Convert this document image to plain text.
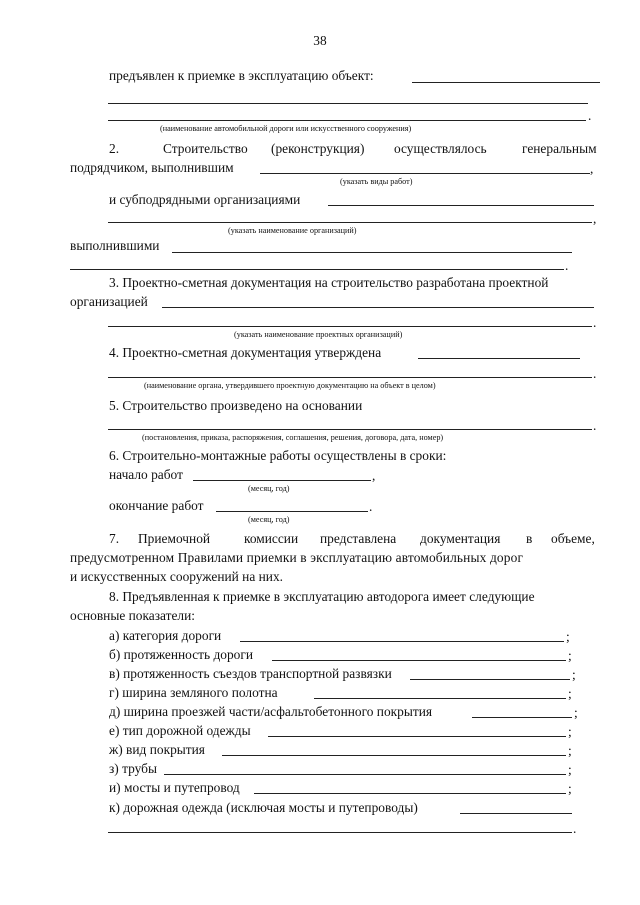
38
предъявлен к приемке в эксплуатацию объект:
.
(наименование автомобильной дороги или искусственного сооружения)
2.	Строительство (реконструкция) осуществлялось	генеральным
подрядчиком, выполнившим	,
(указать виды работ)
и субподрядными организациями
,
(указать наименование организаций)
выполнившими
.
3. Проектно-сметная документация на строительство разработана проектной
организацией
.
(указать наименование проектных организаций)
4. Проектно-сметная документация утверждена
.
(наименование органа, утвердившего проектную документацию на объект в целом)
5. Строительство произведено на основании
.
(постановления, приказа, распоряжения, соглашения, решения, договора, дата, номер)
6. Строительно-монтажные работы осуществлены в сроки:
начало работ	,
(месяц, год)
окончание работ	.
(месяц, год)
7. Приемочной	комиссии представлена документация в объеме,
предусмотренном Правилами приемки в эксплуатацию автомобильных дорог
и искусственных сооружений на них.
8. Предъявленная к приемке в эксплуатацию автодорога имеет следующие
основные показатели:
а) категория дороги	;
б) протяженность дороги	;
в) протяженность съездов транспортной развязки	;
г) ширина земляного полотна	;
д) ширина проезжей части/асфальтобетонного покрытия	;
е) тип дорожной одежды	;
ж) вид покрытия	;
з) трубы	;
и) мосты и путепровод	;
к) дорожная одежда (исключая мосты и путепроводы)
.
